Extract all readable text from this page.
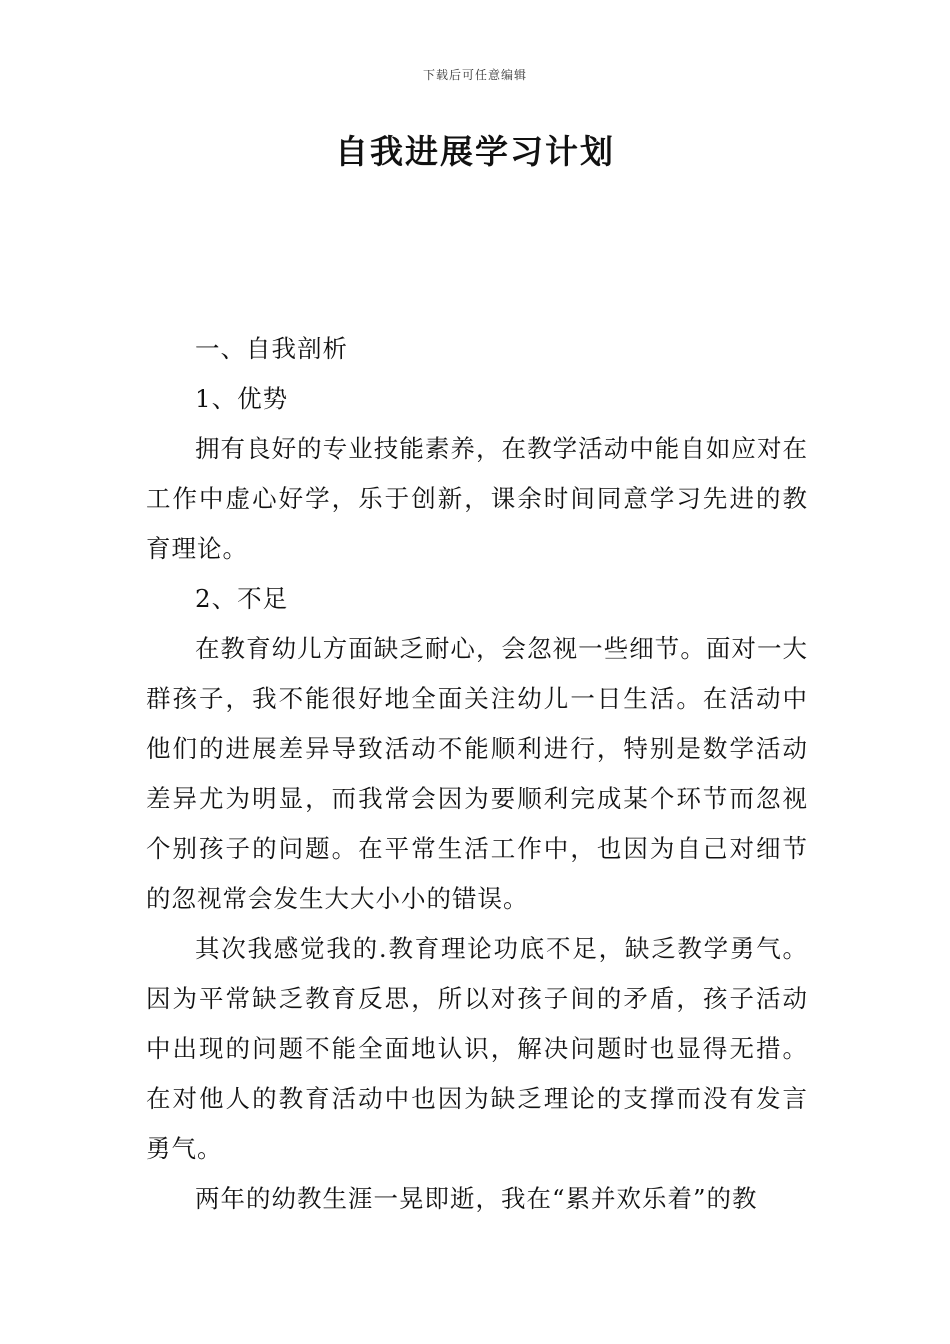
下载后可任意编辑
自我进展学习计划

一、自我剖析

1、优势

拥有良好的专业技能素养，在教学活动中能自如应对在工作中虚心好学，乐于创新，课余时间同意学习先进的教育理论。

2、不足

在教育幼儿方面缺乏耐心，会忽视一些细节。面对一大群孩子，我不能很好地全面关注幼儿一日生活。在活动中他们的进展差异导致活动不能顺利进行，特别是数学活动差异尤为明显，而我常会因为要顺利完成某个环节而忽视个别孩子的问题。在平常生活工作中，也因为自己对细节的忽视常会发生大大小小的错误。

其次我感觉我的.教育理论功底不足，缺乏教学勇气。因为平常缺乏教育反思，所以对孩子间的矛盾，孩子活动中出现的问题不能全面地认识，解决问题时也显得无措。在对他人的教育活动中也因为缺乏理论的支撑而没有发言勇气。

两年的幼教生涯一晃即逝，我在“累并欢乐着”的教
